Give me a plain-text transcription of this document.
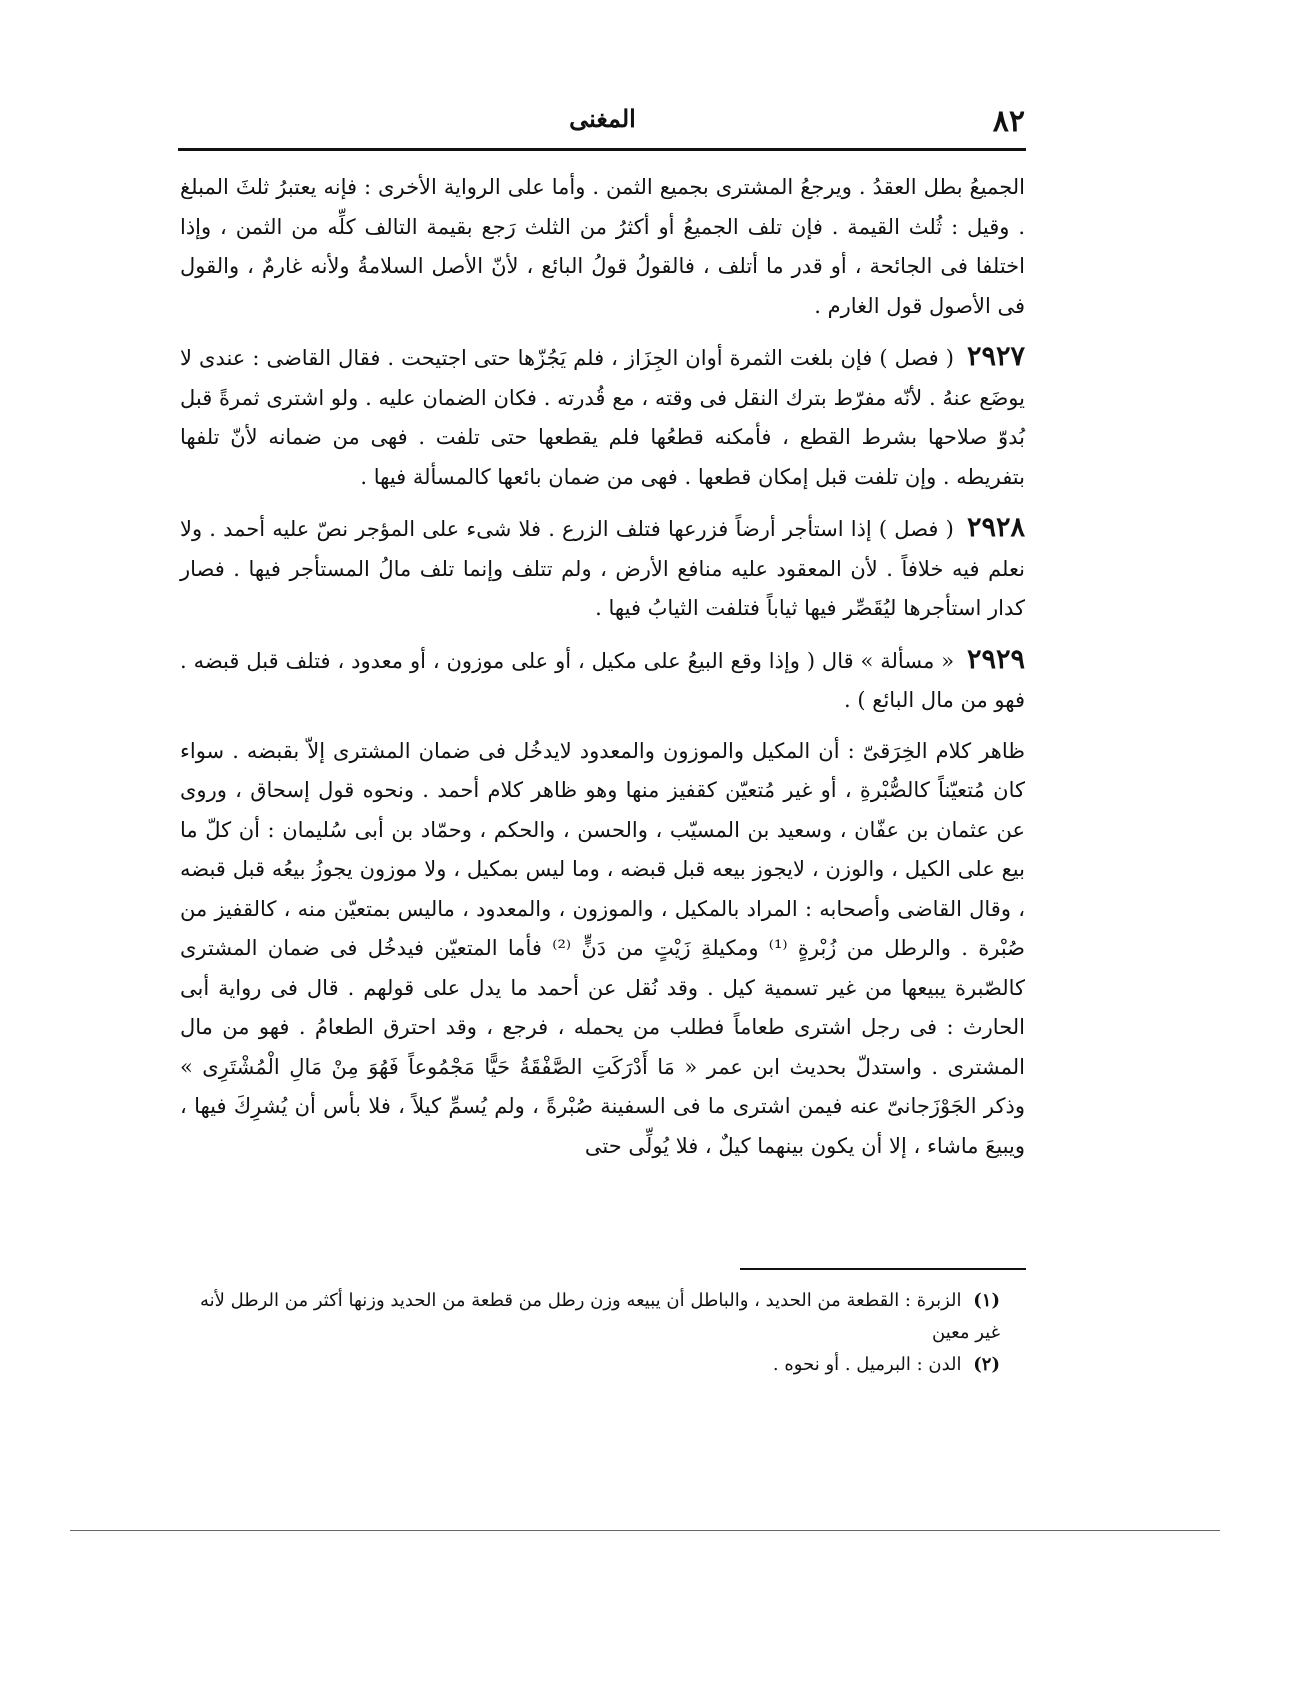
٨٢
المغنى

الجميعُ بطل العقدُ . ويرجعُ المشترى بجميع الثمن . وأما على الرواية الأخرى : فإنه يعتبرُ ثلثَ المبلغ . وقيل : ثُلث القيمة . فإن تلف الجميعُ أو أكثرُ من الثلث رَجع بقيمة التالف كلِّه من الثمن ، وإذا اختلفا فى الجائحة ، أو قدر ما أتلف ، فالقولُ قولُ البائع ، لأنّ الأصل السلامةُ ولأنه غارمٌ ، والقول فى الأصول قول الغارم .

٢٩٢٧ ( فصل ) فإن بلغت الثمرة أوان الجِزَاز ، فلم يَجُزّها حتى اجتيحت . فقال القاضى : عندى لا يوضَع عنهُ . لأنّه مفرّط بترك النقل فى وقته ، مع قُدرته . فكان الضمان عليه . ولو اشترى ثمرةً قبل بُدوّ صلاحها بشرط القطع ، فأمكنه قطعُها فلم يقطعها حتى تلفت . فهى من ضمانه لأنّ تلفها بتفريطه . وإن تلفت قبل إمكان قطعها . فهى من ضمان بائعها كالمسألة فيها .

٢٩٢٨ ( فصل ) إذا استأجر أرضاً فزرعها فتلف الزرع . فلا شىء على المؤجر نصّ عليه أحمد . ولا نعلم فيه خلافاً . لأن المعقود عليه منافع الأرض ، ولم تتلف وإنما تلف مالُ المستأجر فيها . فصار كدار استأجرها ليُقَصِّر فيها ثياباً فتلفت الثيابُ فيها .

٢٩٢٩ « مسألة » قال ( وإذا وقع البيعُ على مكيل ، أو على موزون ، أو معدود ، فتلف قبل قبضه . فهو من مال البائع ) .

ظاهر كلام الخِرَقىّ : أن المكيل والموزون والمعدود لايدخُل فى ضمان المشترى إلاّ بقبضه . سواء كان مُتعيّناً كالصُّبْرةِ ، أو غير مُتعيّن كقفيز منها وهو ظاهر كلام أحمد . ونحوه قول إسحاق ، وروى عن عثمان بن عفّان ، وسعيد بن المسيّب ، والحسن ، والحكم ، وحمّاد بن أبى سُليمان : أن كلّ ما بيع على الكيل ، والوزن ، لايجوز بيعه قبل قبضه ، وما ليس بمكيل ، ولا موزون يجوزُ بيعُه قبل قبضه ، وقال القاضى وأصحابه : المراد بالمكيل ، والموزون ، والمعدود ، ماليس بمتعيّن منه ، كالقفيز من صُبْرة . والرطل من زُبْرةٍ ⁽¹⁾ ومكيلةِ زَيْتٍ من دَنٍّ ⁽²⁾ فأما المتعيّن فيدخُل فى ضمان المشترى كالصّبرة يبيعها من غير تسمية كيل . وقد نُقل عن أحمد ما يدل على قولهم . قال فى رواية أبى الحارث : فى رجل اشترى طعاماً فطلب من يحمله ، فرجع ، وقد احترق الطعامُ . فهو من مال المشترى . واستدلّ بحديث ابن عمر « مَا أَدْرَكَتِ الصَّفْقَةُ حَيًّا مَجْمُوعاً فَهُوَ مِنْ مَالِ الْمُشْتَرِى » وذكر الجَوْزَجانىّ عنه فيمن اشترى ما فى السفينة صُبْرةً ، ولم يُسمِّ كيلاً ، فلا بأس أن يُشرِكَ فيها ، ويبيعَ ماشاء ، إلا أن يكون بينهما كيلٌ ، فلا يُولِّى حتى

(١) الزبرة : القطعة من الحديد ، والباطل أن يبيعه وزن رطل من قطعة من الحديد وزنها أكثر من الرطل لأنه غير معين

(٢) الدن : البرميل . أو نحوه .
